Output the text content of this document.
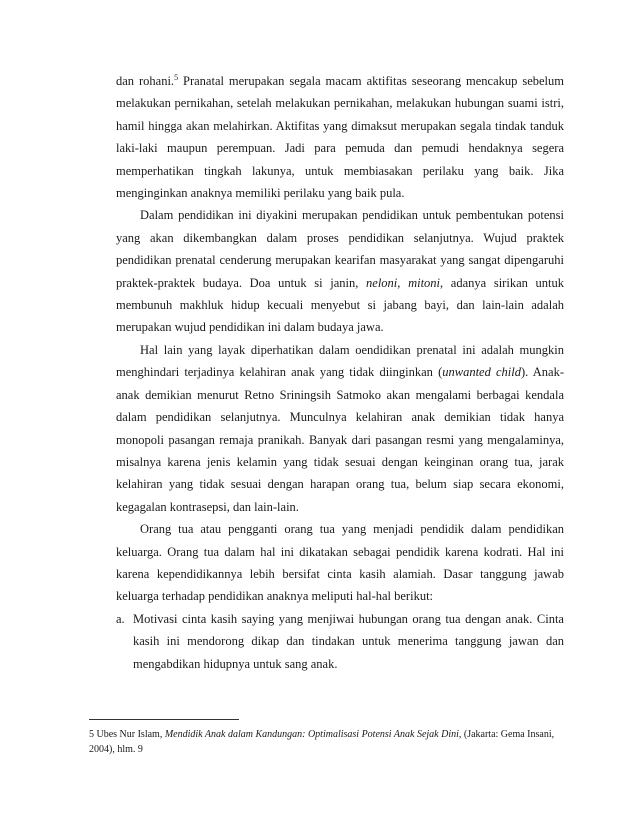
dan rohani.$^5$ Pranatal merupakan segala macam aktifitas seseorang mencakup sebelum melakukan pernikahan, setelah melakukan pernikahan, melakukan hubungan suami istri, hamil hingga akan melahirkan. Aktifitas yang dimaksut merupakan segala tindak tanduk laki-laki maupun perempuan. Jadi para pemuda dan pemudi hendaknya segera memperhatikan tingkah lakunya, untuk membiasakan perilaku yang baik. Jika menginginkan anaknya memiliki perilaku yang baik pula.

Dalam pendidikan ini diyakini merupakan pendidikan untuk pembentukan potensi yang akan dikembangkan dalam proses pendidikan selanjutnya. Wujud praktek pendidikan prenatal cenderung merupakan kearifan masyarakat yang sangat dipengaruhi praktek-praktek budaya. Doa untuk si janin, neloni, mitoni, adanya sirikan untuk membunuh makhluk hidup kecuali menyebut si jabang bayi, dan lain-lain adalah merupakan wujud pendidikan ini dalam budaya jawa.

Hal lain yang layak diperhatikan dalam oendidikan prenatal ini adalah mungkin menghindari terjadinya kelahiran anak yang tidak diinginkan (unwanted child). Anak-anak demikian menurut Retno Sriningsih Satmoko akan mengalami berbagai kendala dalam pendidikan selanjutnya. Munculnya kelahiran anak demikian tidak hanya monopoli pasangan remaja pranikah. Banyak dari pasangan resmi yang mengalaminya, misalnya karena jenis kelamin yang tidak sesuai dengan keinginan orang tua, jarak kelahiran yang tidak sesuai dengan harapan orang tua, belum siap secara ekonomi, kegagalan kontrasepsi, dan lain-lain.

Orang tua atau pengganti orang tua yang menjadi pendidik dalam pendidikan keluarga. Orang tua dalam hal ini dikatakan sebagai pendidik karena kodrati. Hal ini karena kependidikannya lebih bersifat cinta kasih alamiah. Dasar tanggung jawab keluarga terhadap pendidikan anaknya meliputi hal-hal berikut:

a. Motivasi cinta kasih saying yang menjiwai hubungan orang tua dengan anak. Cinta kasih ini mendorong dikap dan tindakan untuk menerima tanggung jawan dan mengabdikan hidupnya untuk sang anak.
5 Ubes Nur Islam, Mendidik Anak dalam Kandungan: Optimalisasi Potensi Anak Sejak Dini, (Jakarta: Gema Insani, 2004), hlm. 9
